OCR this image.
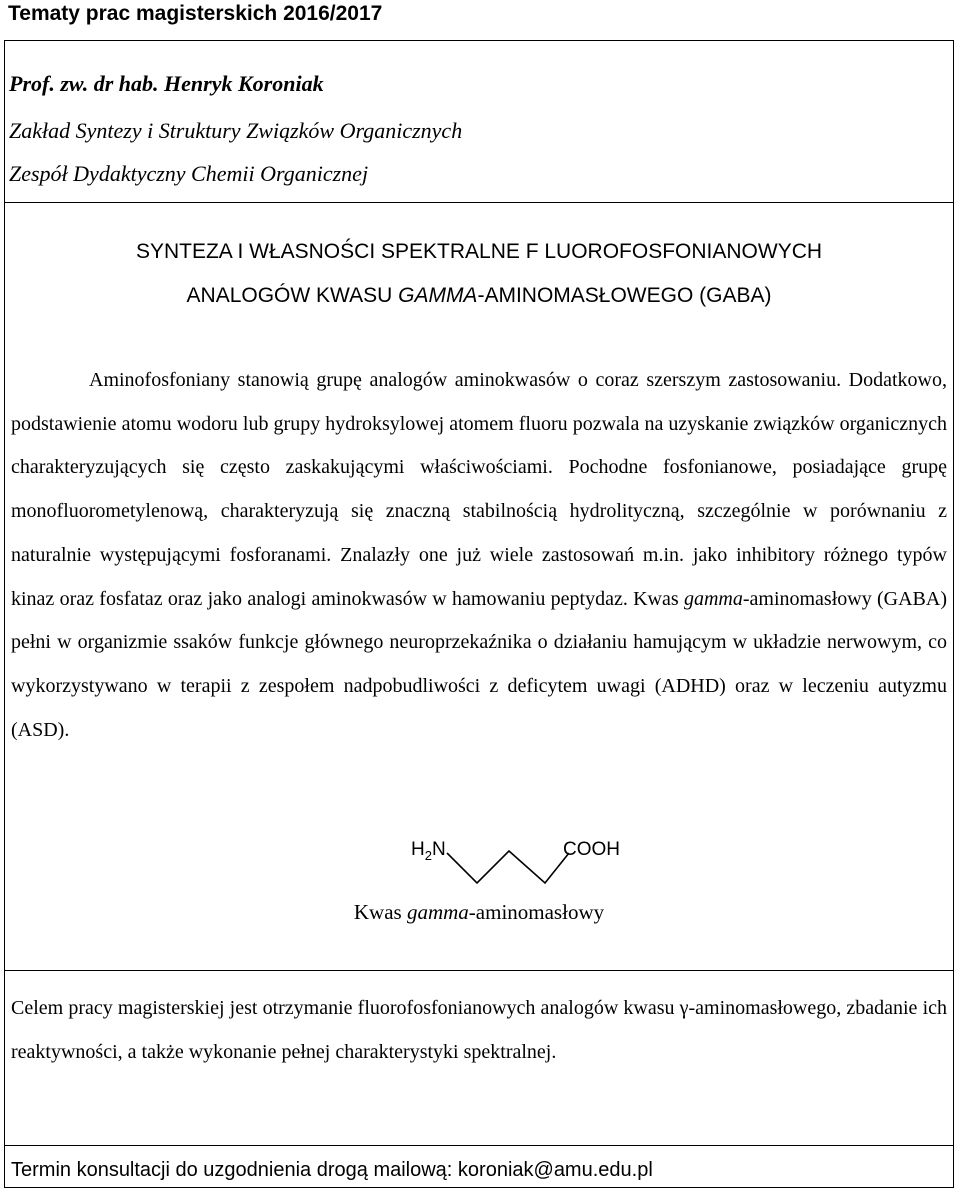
Tematy prac magisterskich 2016/2017

Prof. zw. dr hab. Henryk Koroniak

Zakład Syntezy i Struktury Związków Organicznych

Zespół Dydaktyczny Chemii Organicznej

SYNTEZA I WŁASNOŚCI SPEKTRALNE F LUOROFOSFONIANOWYCH

ANALOGÓW KWASU GAMMA-AMINOMASŁOWEGO (GABA)

Aminofosfoniany stanowią grupę analogów aminokwasów o coraz szerszym zastosowaniu. Dodatkowo, podstawienie atomu wodoru lub grupy hydroksylowej atomem fluoru pozwala na uzyskanie związków organicznych charakteryzujących się często zaskakującymi właściwościami. Pochodne fosfonianowe, posiadające grupę monofluorometylenową, charakteryzują się znaczną stabilnością hydrolityczną, szczególnie w porównaniu z naturalnie występującymi fosforanami. Znalazły one już wiele zastosowań m.in. jako inhibitory różnego typów kinaz oraz fosfataz oraz jako analogi aminokwasów w hamowaniu peptydaz. Kwas gamma-aminomasłowy (GABA) pełni w organizmie ssaków funkcje głównego neuroprzekaźnika o działaniu hamującym w układzie nerwowym, co wykorzystywano w terapii z zespołem nadpobudliwości z deficytem uwagi (ADHD) oraz w leczeniu autyzmu (ASD).

$H_2N$	COOH

Kwas gamma-aminomasłowy

Celem pracy magisterskiej jest otrzymanie fluorofosfonianowych analogów kwasu γ-aminomasłowego, zbadanie ich reaktywności, a także wykonanie pełnej charakterystyki spektralnej.

Termin konsultacji do uzgodnienia drogą mailową: koroniak@amu.edu.pl
